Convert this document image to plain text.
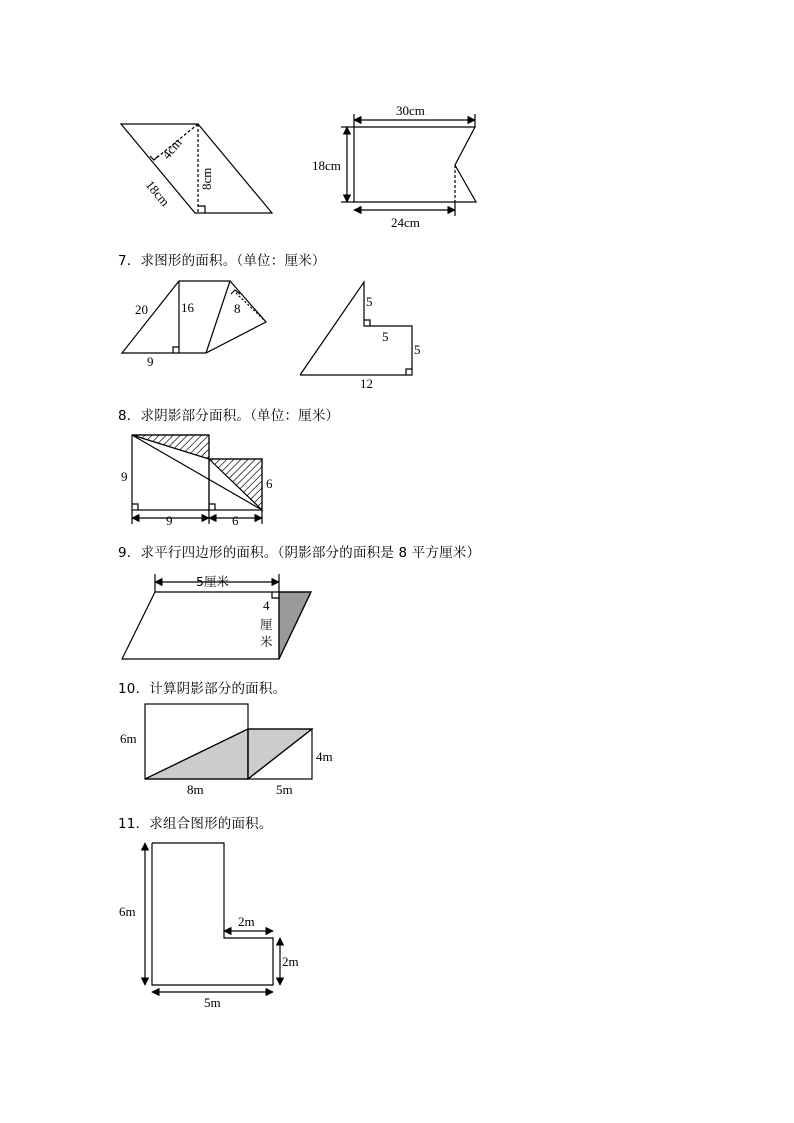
18cm
4cm
8cm
30cm
18cm
24cm
20	16
9
8	5
5
5
12
9	6
9	6
5厘米
4
厘
米
6m
4m
8m	5m
6m
2m
2m
5m
7．求图形的面积。（单位：厘米）
8．求阴影部分面积。（单位：厘米）
9．求平行四边形的面积。（阴影部分的面积是 8 平方厘米）
10．计算阴影部分的面积。
11．求组合图形的面积。
